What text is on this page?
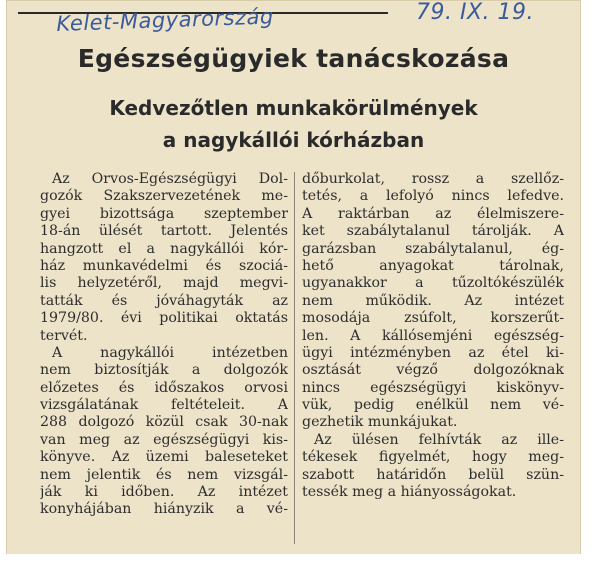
Kelet-Magyarország	79. IX. 19.
Egészségügyiek tanácskozása
Kedvezőtlen munkakörülmények
a nagykállói kórházban
Az Orvos-Egészségügyi Dol-
gozók Szakszervezetének me-
gyei bizottsága szeptember
18-án ülését tartott. Jelentés
hangzott el a nagykállói kór-
ház munkavédelmi és szociá-
lis helyzetéről, majd megvi-
tatták és jóváhagyták az
1979/80. évi politikai oktatás
tervét.
A nagykállói intézetben
nem biztosítják a dolgozók
előzetes és időszakos orvosi
vizsgálatának feltételeit. A
288 dolgozó közül csak 30-nak
van meg az egészségügyi kis-
könyve. Az üzemi baleseteket
nem jelentik és nem vizsgál-
ják ki időben. Az intézet
konyhájában hiányzik a vé-
dőburkolat, rossz a szellőz-
tetés, a lefolyó nincs lefedve.
A raktárban az élelmiszere-
ket szabálytalanul tárolják. A
garázsban szabálytalanul, ég-
hető anyagokat tárolnak,
ugyanakkor a tűzoltókészülék
nem működik. Az intézet
mosodája zsúfolt, korszerűt-
len. A kállósemjéni egészség-
ügyi intézményben az étel ki-
osztását végző dolgozóknak
nincs egészségügyi kiskönyv-
vük, pedig enélkül nem vé-
gezhetik munkájukat.
Az ülésen felhívták az ille-
tékesek figyelmét, hogy meg-
szabott határidőn belül szün-
tessék meg a hiányosságokat.
